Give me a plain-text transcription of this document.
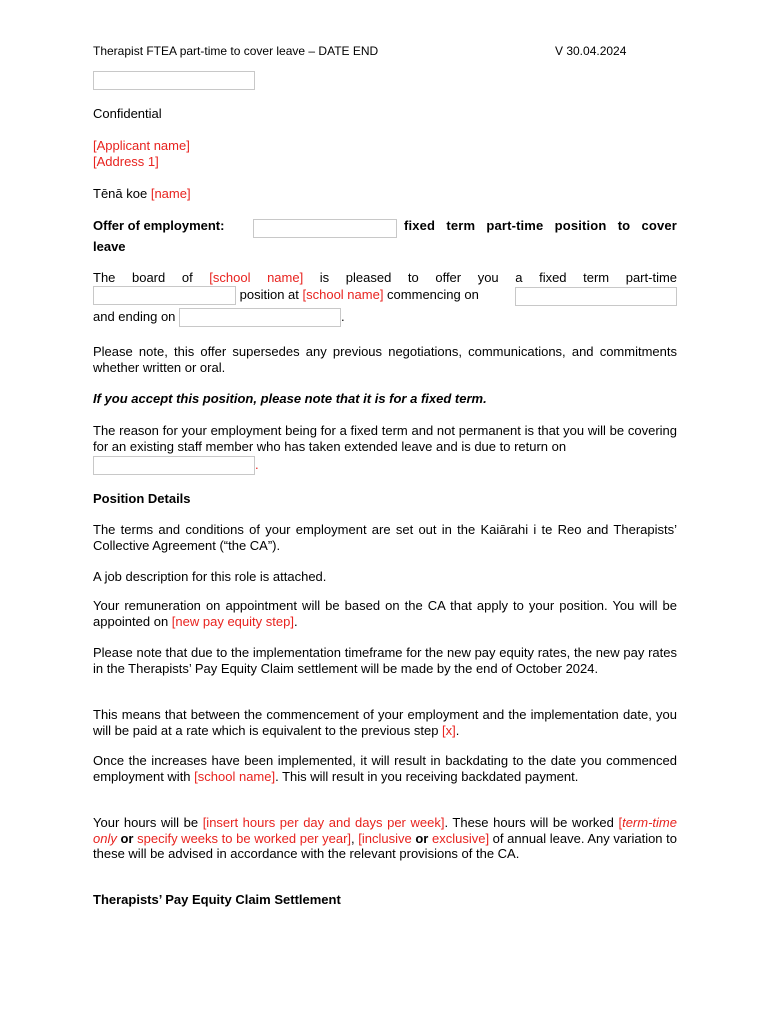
Therapist FTEA part-time to cover leave – DATE END	V 30.04.2024

Confidential

[Applicant name]

[Address 1]

Tēnā koe [name]

Offer of employment:	fixed term part-time position to cover

leave

The board of [school name] is pleased to offer you a fixed term part-time
position at [school name] commencing on
and ending on	.

Please note, this offer supersedes any previous negotiations, communications, and commitments whether written or oral.

If you accept this position, please note that it is for a fixed term.

The reason for your employment being for a fixed term and not permanent is that you will be covering for an existing staff member who has taken extended leave and is due to return on

.

Position Details

The terms and conditions of your employment are set out in the Kaiārahi i te Reo and Therapists’ Collective Agreement (“the CA”).

A job description for this role is attached.

Your remuneration on appointment will be based on the CA that apply to your position. You will be appointed on [new pay equity step].

Please note that due to the implementation timeframe for the new pay equity rates, the new pay rates in the Therapists’ Pay Equity Claim settlement will be made by the end of October 2024.

This means that between the commencement of your employment and the implementation date, you will be paid at a rate which is equivalent to the previous step [x].

Once the increases have been implemented, it will result in backdating to the date you commenced employment with [school name]. This will result in you receiving backdated payment.

Your hours will be [insert hours per day and days per week]. These hours will be worked [term-time only or specify weeks to be worked per year], [inclusive or exclusive] of annual leave. Any variation to these will be advised in accordance with the relevant provisions of the CA.

Therapists’ Pay Equity Claim Settlement
